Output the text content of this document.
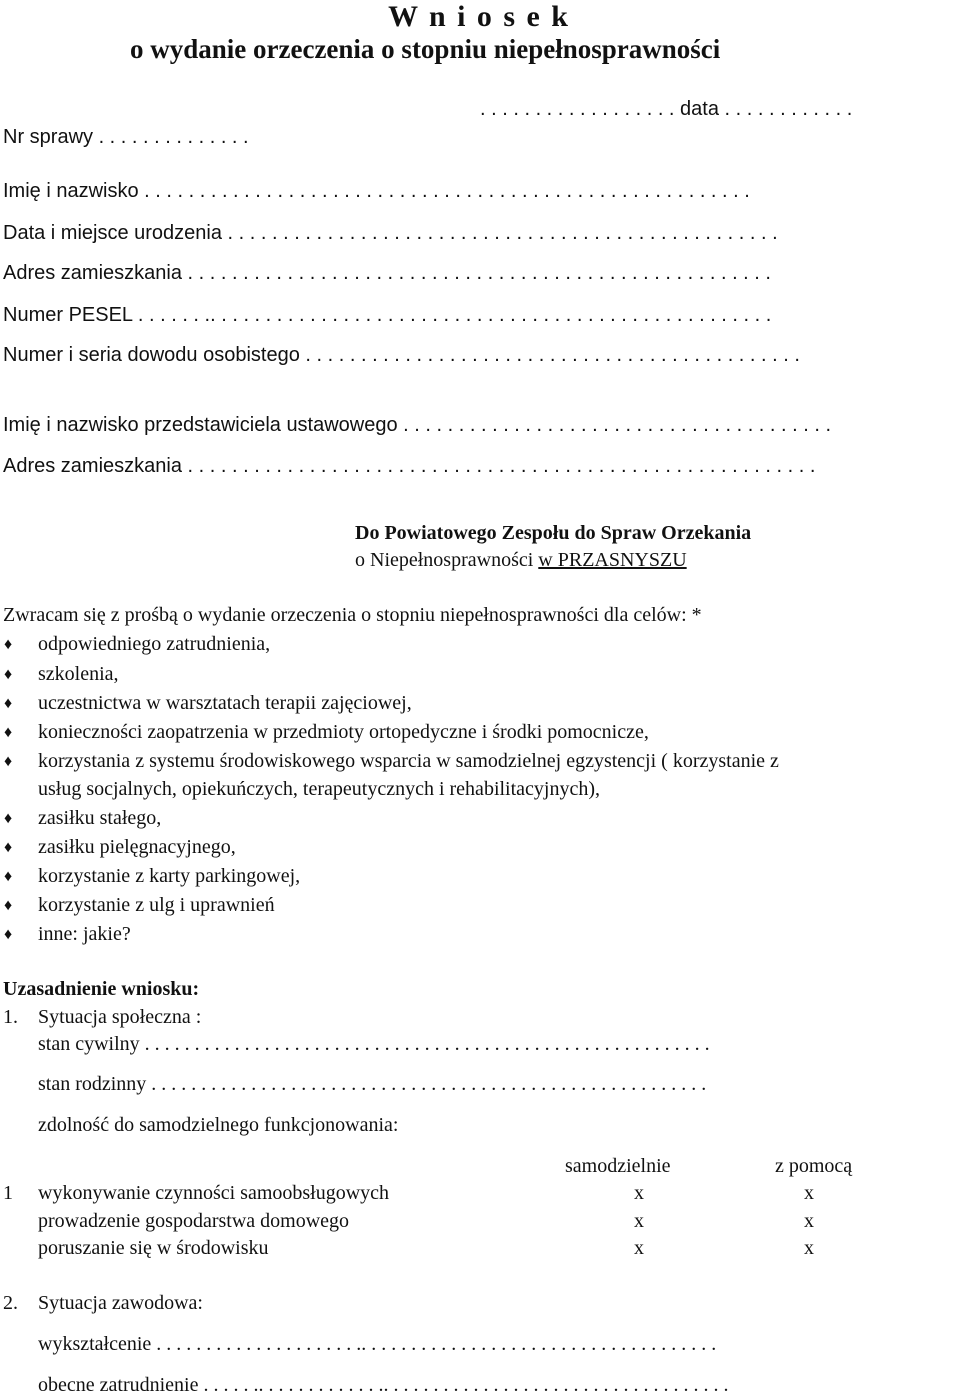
W n i o s e k
o wydanie orzeczenia o stopniu niepełnosprawności
. . . . . . . . . . . . . . . . . . data . . . . . . . . . . . .
Nr sprawy . . . . . . . . . . . . . .
Imię i nazwisko . . . . . . . . . . . . . . . . . . . . . . . . . . . . . . . . . . . . . . . . . . . . . . . . . . . . . . .
Data i miejsce urodzenia . . . . . . . . . . . . . . . . . . . . . . . . . . . . . . . . . . . . . . . . . . . . . . . . . .
Adres zamieszkania . . . . . . . . . . . . . . . . . . . . . . . . . . . . . . . . . . . . . . . . . . . . . . . . . . . . .
Numer PESEL . . . . . . .. . . . . . . . . . . . . . . . . . . . . . . . . . . . . . . . . . . . . . . . . . . . . . . . . . .
Numer i seria dowodu osobistego . . . . . . . . . . . . . . . . . . . . . . . . . . . . . . . . . . . . . . . . . . . . .
Imię i nazwisko przedstawiciela ustawowego . . . . . . . . . . . . . . . . . . . . . . . . . . . . . . . . . . . . . . .
Adres zamieszkania . . . . . . . . . . . . . . . . . . . . . . . . . . . . . . . . . . . . . . . . . . . . . . . . . . . . . . . . .
Do Powiatowego Zespołu do Spraw Orzekania
o Niepełnosprawności w PRZASNYSZU
Zwracam się z prośbą o wydanie orzeczenia o stopniu niepełnosprawności dla celów: *
♦ odpowiedniego zatrudnienia,
♦ szkolenia,
♦ uczestnictwa w warsztatach terapii zajęciowej,
♦ konieczności zaopatrzenia w przedmioty ortopedyczne i środki pomocnicze,
♦ korzystania z systemu środowiskowego wsparcia w samodzielnej egzystencji ( korzystanie z
usług socjalnych, opiekuńczych, terapeutycznych i rehabilitacyjnych),
♦ zasiłku stałego,
♦ zasiłku pielęgnacyjnego,
♦ korzystanie z karty parkingowej,
♦ korzystanie z ulg i uprawnień
♦ inne: jakie?
Uzasadnienie wniosku:
1. Sytuacja społeczna :
stan cywilny . . . . . . . . . . . . . . . . . . . . . . . . . . . . . . . . . . . . . . . . . . . . . . . . . . . . . . . . .
stan rodzinny . . . . . . . . . . . . . . . . . . . . . . . . . . . . . . . . . . . . . . . . . . . . . . . . . . . . . . . .
zdolność do samodzielnego funkcjonowania:
samodzielnie	z pomocą
1 wykonywanie czynności samoobsługowych	x	x
prowadzenie gospodarstwa domowego	x	x
poruszanie się w środowisku	x	x
2. Sytuacja zawodowa:
wykształcenie . . . . . . . . . . . . . . . . . . . . .. . . . . . . . . . . . . . . . . . . . . . . . . . . . . . . . . . . .
obecne zatrudnienie . . . . . .. . . . . . . . . . . . .. . . . . . . . . . . . . . . . . . . . . . . . . . . . . . . . . . .
